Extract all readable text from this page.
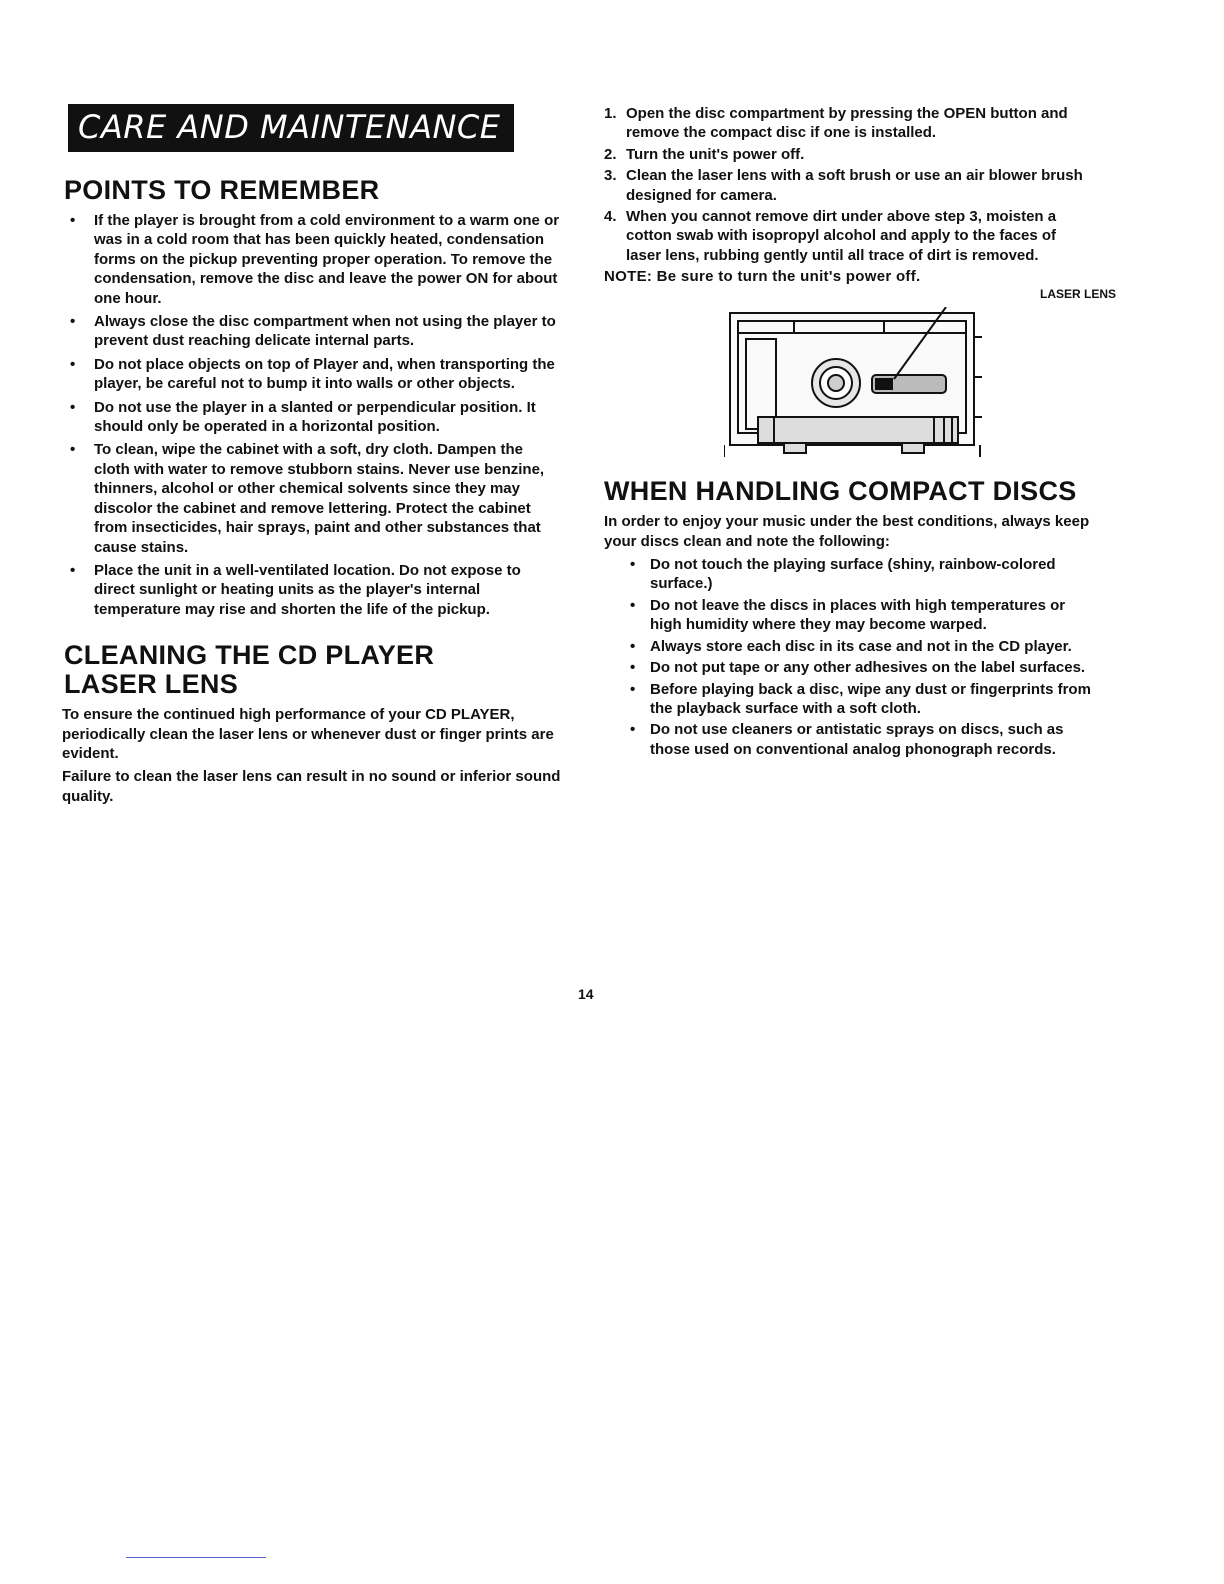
CARE AND MAINTENANCE
POINTS TO REMEMBER
• If the player is brought from a cold environment to a warm one or was in a cold room that has been quickly heated, condensation forms on the pickup preventing proper operation. To remove the condensation, remove the disc and leave the power ON for about one hour.
• Always close the disc compartment when not using the player to prevent dust reaching delicate internal parts.
• Do not place objects on top of Player and, when transporting the player, be careful not to bump it into walls or other objects.
• Do not use the player in a slanted or perpendicular position. It should only be operated in a horizontal position.
• To clean, wipe the cabinet with a soft, dry cloth. Dampen the cloth with water to remove stubborn stains. Never use benzine, thinners, alcohol or other chemical solvents since they may discolor the cabinet and remove lettering. Protect the cabinet from insecticides, hair sprays, paint and other substances that cause stains.
• Place the unit in a well-ventilated location. Do not expose to direct sunlight or heating units as the player's internal temperature may rise and shorten the life of the pickup.
CLEANING THE CD PLAYER
LASER LENS

To ensure the continued high performance of your CD PLAYER, periodically clean the laser lens or whenever dust or finger prints are evident.

Failure to clean the laser lens can result in no sound or inferior sound quality.

1. Open the disc compartment by pressing the OPEN button and remove the compact disc if one is installed.
2. Turn the unit's power off.
3. Clean the laser lens with a soft brush or use an air blower brush designed for camera.
4. When you cannot remove dirt under above step 3, moisten a cotton swab with isopropyl alcohol and apply to the faces of laser lens, rubbing gently until all trace of dirt is removed.
NOTE: Be sure to turn the unit's power off.
LASER LENS
WHEN HANDLING COMPACT DISCS

In order to enjoy your music under the best conditions, always keep your discs clean and note the following:

• Do not touch the playing surface (shiny, rainbow-colored surface.)
• Do not leave the discs in places with high temperatures or high humidity where they may become warped.
• Always store each disc in its case and not in the CD player.
• Do not put tape or any other adhesives on the label surfaces.
• Before playing back a disc, wipe any dust or fingerprints from the playback surface with a soft cloth.
• Do not use cleaners or antistatic sprays on discs, such as those used on conventional analog phonograph records.
14
